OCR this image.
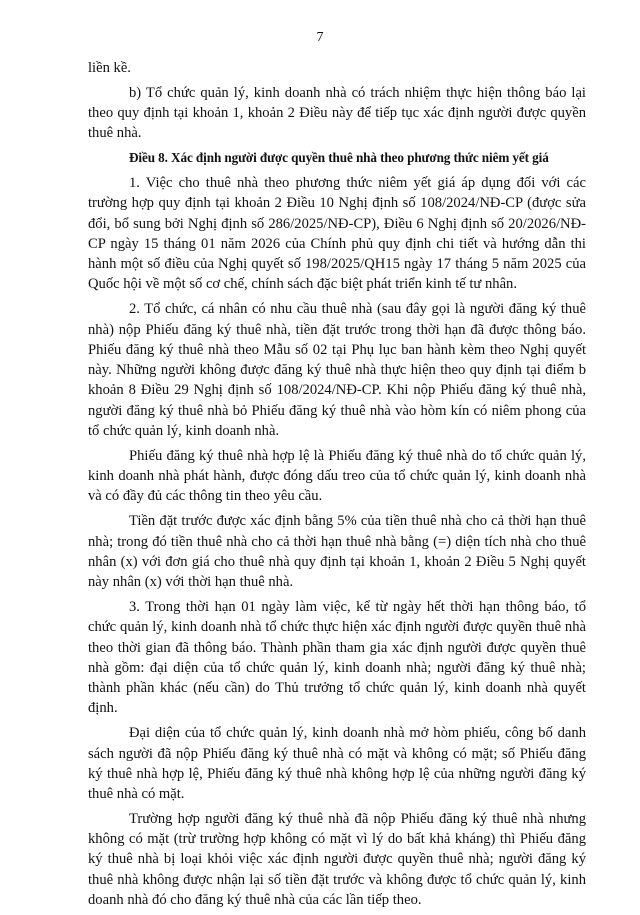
7

liền kề.

b) Tổ chức quản lý, kinh doanh nhà có trách nhiệm thực hiện thông báo lại theo quy định tại khoản 1, khoản 2 Điều này để tiếp tục xác định người được quyền thuê nhà.

Điều 8. Xác định người được quyền thuê nhà theo phương thức niêm yết giá

1. Việc cho thuê nhà theo phương thức niêm yết giá áp dụng đối với các trường hợp quy định tại khoản 2 Điều 10 Nghị định số 108/2024/NĐ-CP (được sửa đổi, bổ sung bởi Nghị định số 286/2025/NĐ-CP), Điều 6 Nghị định số 20/2026/NĐ-CP ngày 15 tháng 01 năm 2026 của Chính phủ quy định chi tiết và hướng dẫn thi hành một số điều của Nghị quyết số 198/2025/QH15 ngày 17 tháng 5 năm 2025 của Quốc hội về một số cơ chế, chính sách đặc biệt phát triển kinh tế tư nhân.

2. Tổ chức, cá nhân có nhu cầu thuê nhà (sau đây gọi là người đăng ký thuê nhà) nộp Phiếu đăng ký thuê nhà, tiền đặt trước trong thời hạn đã được thông báo. Phiếu đăng ký thuê nhà theo Mẫu số 02 tại Phụ lục ban hành kèm theo Nghị quyết này. Những người không được đăng ký thuê nhà thực hiện theo quy định tại điểm b khoản 8 Điều 29 Nghị định số 108/2024/NĐ-CP. Khi nộp Phiếu đăng ký thuê nhà, người đăng ký thuê nhà bỏ Phiếu đăng ký thuê nhà vào hòm kín có niêm phong của tổ chức quản lý, kinh doanh nhà.

Phiếu đăng ký thuê nhà hợp lệ là Phiếu đăng ký thuê nhà do tổ chức quản lý, kinh doanh nhà phát hành, được đóng dấu treo của tổ chức quản lý, kinh doanh nhà và có đầy đủ các thông tin theo yêu cầu.

Tiền đặt trước được xác định bằng 5% của tiền thuê nhà cho cả thời hạn thuê nhà; trong đó tiền thuê nhà cho cả thời hạn thuê nhà bằng (=) diện tích nhà cho thuê nhân (x) với đơn giá cho thuê nhà quy định tại khoản 1, khoản 2 Điều 5 Nghị quyết này nhân (x) với thời hạn thuê nhà.

3. Trong thời hạn 01 ngày làm việc, kể từ ngày hết thời hạn thông báo, tổ chức quản lý, kinh doanh nhà tổ chức thực hiện xác định người được quyền thuê nhà theo thời gian đã thông báo. Thành phần tham gia xác định người được quyền thuê nhà gồm: đại diện của tổ chức quản lý, kinh doanh nhà; người đăng ký thuê nhà; thành phần khác (nếu cần) do Thủ trưởng tổ chức quản lý, kinh doanh nhà quyết định.

Đại diện của tổ chức quản lý, kinh doanh nhà mở hòm phiếu, công bố danh sách người đã nộp Phiếu đăng ký thuê nhà có mặt và không có mặt; số Phiếu đăng ký thuê nhà hợp lệ, Phiếu đăng ký thuê nhà không hợp lệ của những người đăng ký thuê nhà có mặt.

Trường hợp người đăng ký thuê nhà đã nộp Phiếu đăng ký thuê nhà nhưng không có mặt (trừ trường hợp không có mặt vì lý do bất khả kháng) thì Phiếu đăng ký thuê nhà bị loại khỏi việc xác định người được quyền thuê nhà; người đăng ký thuê nhà không được nhận lại số tiền đặt trước và không được tổ chức quản lý, kinh doanh nhà đó cho đăng ký thuê nhà của các lần tiếp theo.
